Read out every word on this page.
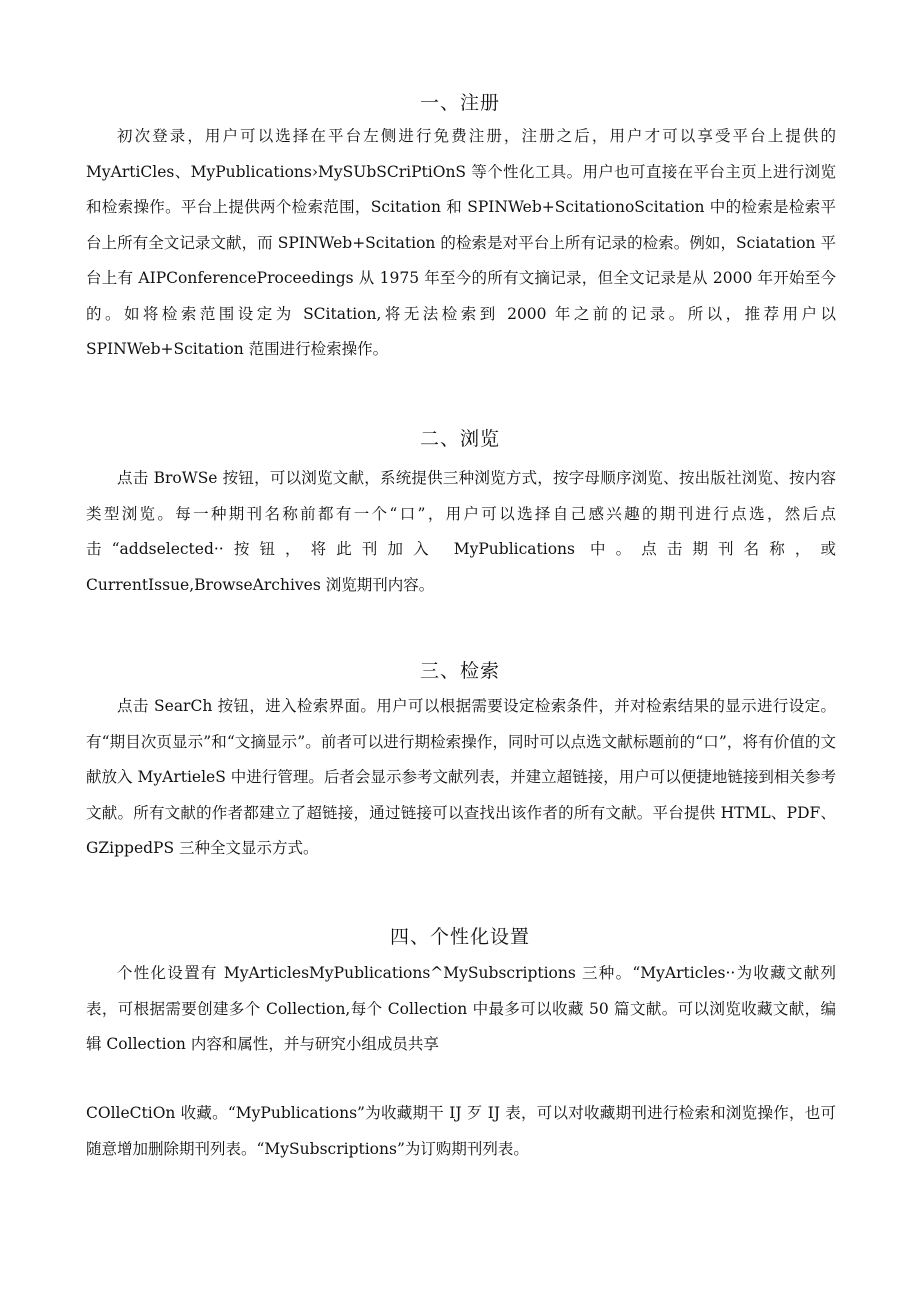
一、注册

初次登录，用户可以选择在平台左侧进行免费注册，注册之后，用户才可以享受平台上提供的 MyArtiCles、MyPublications›MySUbSCriPtiOnS 等个性化工具。用户也可直接在平台主页上进行浏览和检索操作。平台上提供两个检索范围，Scitation 和 SPINWeb+ScitationoScitation 中的检索是检索平台上所有全文记录文献，而 SPINWeb+Scitation 的检索是对平台上所有记录的检索。例如，Sciatation 平台上有 AIPConferenceProceedings 从 1975 年至今的所有文摘记录，但全文记录是从 2000 年开始至今的。如将检索范围设定为 SCitation,将无法检索到 2000 年之前的记录。所以，推荐用户以 SPINWeb+Scitation 范围进行检索操作。

二、浏览

点击 BroWSe 按钮，可以浏览文献，系统提供三种浏览方式，按字母顺序浏览、按出版社浏览、按内容类型浏览。每一种期刊名称前都有一个“口”，用户可以选择自己感兴趣的期刊进行点选，然后点击“addselected··按钮，将此刊加入 MyPublications 中。点击期刊名称，或 CurrentIssue,BrowseArchives 浏览期刊内容。

三、检索

点击 SearCh 按钮，进入检索界面。用户可以根据需要设定检索条件，并对检索结果的显示进行设定。有“期目次页显示”和“文摘显示”。前者可以进行期检索操作，同时可以点选文献标题前的“口”，将有价值的文献放入 MyArtieleS 中进行管理。后者会显示参考文献列表，并建立超链接，用户可以便捷地链接到相关参考文献。所有文献的作者都建立了超链接，通过链接可以查找出该作者的所有文献。平台提供 HTML、PDF、GZippedPS 三种全文显示方式。

四、个性化设置

个性化设置有 MyArticlesMyPublications^MySubscriptions 三种。“MyArticles··为收藏文献列表，可根据需要创建多个 Collection,每个 Collection 中最多可以收藏 50 篇文献。可以浏览收藏文献，编辑 Collection 内容和属性，并与研究小组成员共享

COlleCtiOn 收藏。“MyPublications”为收藏期干 IJ 歹 IJ 表，可以对收藏期刊进行检索和浏览操作，也可随意增加删除期刊列表。“MySubscriptions”为订购期刊列表。
